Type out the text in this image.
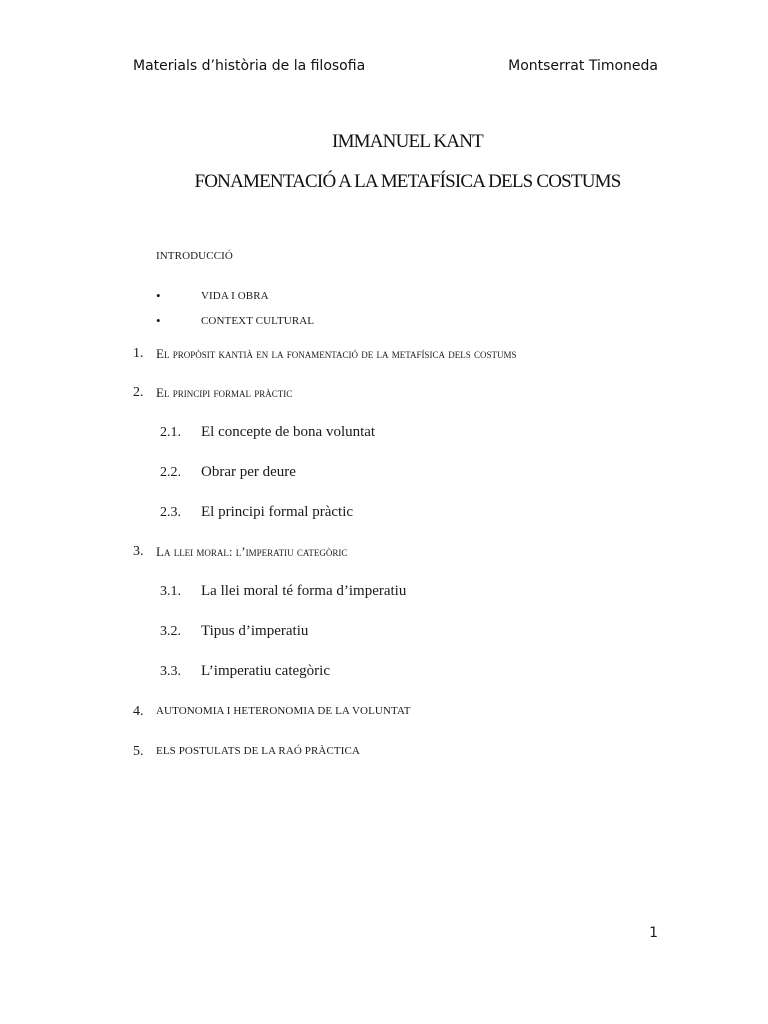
Materials d’història de la filosofia	Montserrat Timoneda
IMMANUEL KANT
FONAMENTACIÓ A LA METAFÍSICA DELS COSTUMS
INTRODUCCIÓ
•	VIDA I OBRA
•	CONTEXT CULTURAL
1. El propòsit kantià en la fonamentació de la metafísica dels costums
2. El principi formal pràctic
2.1. El concepte de bona voluntat
2.2. Obrar per deure
2.3. El principi formal pràctic
3. La llei moral: l’imperatiu categòric
3.1. La llei moral té forma d’imperatiu
3.2. Tipus d’imperatiu
3.3. L’imperatiu categòric
4. AUTONOMIA I HETERONOMIA DE LA VOLUNTAT
5. ELS POSTULATS DE LA RAÓ PRÀCTICA
1
